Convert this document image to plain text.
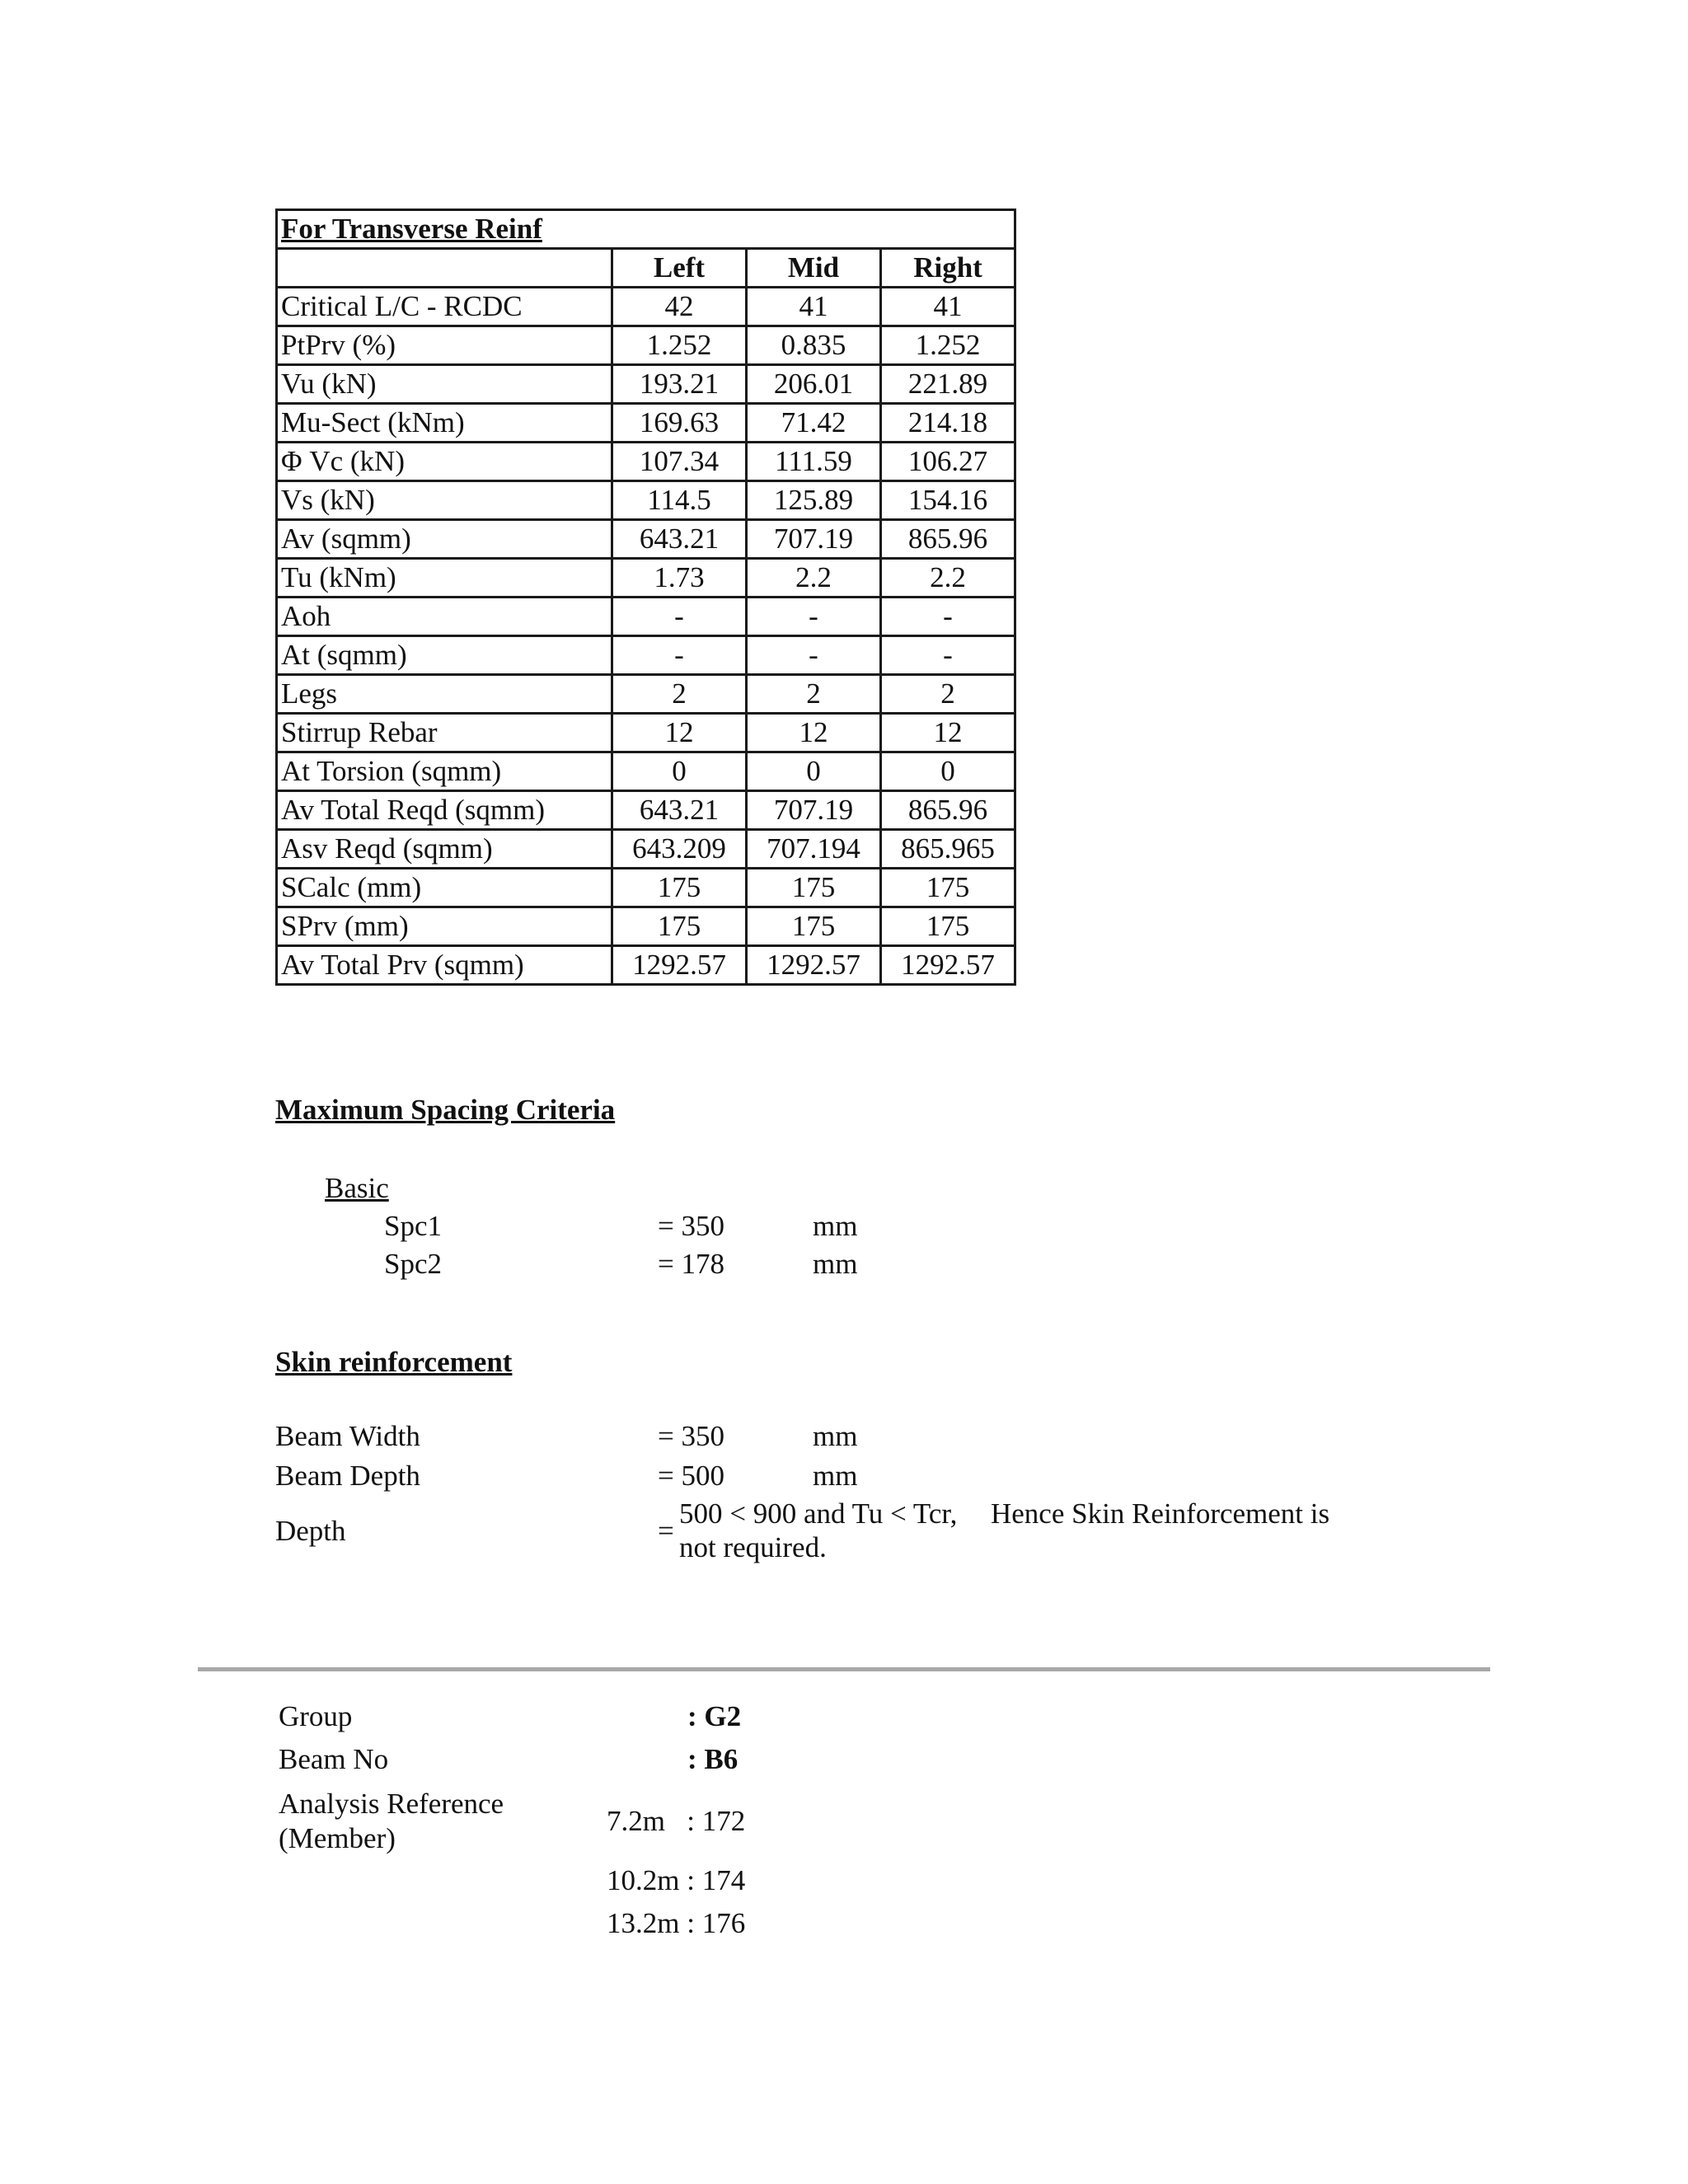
For Transverse Reinf			
	Left	Mid	Right
Critical L/C - RCDC	42	41	41
PtPrv (%)	1.252	0.835	1.252
Vu (kN)	193.21	206.01	221.89
Mu-Sect (kNm)	169.63	71.42	214.18
Φ Vc (kN)	107.34	111.59	106.27
Vs (kN)	114.5	125.89	154.16
Av (sqmm)	643.21	707.19	865.96
Tu (kNm)	1.73	2.2	2.2
Aoh	-	-	-
At (sqmm)	-	-	-
Legs	2	2	2
Stirrup Rebar	12	12	12
At Torsion (sqmm)	0	0	0
Av Total Reqd (sqmm)	643.21	707.19	865.96
Asv Reqd (sqmm)	643.209	707.194	865.965
SCalc (mm)	175	175	175
SPrv (mm)	175	175	175
Av Total Prv (sqmm)	1292.57	1292.57	1292.57
Maximum Spacing Criteria
Basic
Spc1	= 350	mm
Spc2	= 178	mm
Skin reinforcement
Beam Width	= 350	mm
Beam Depth	= 500	mm
Depth	=
500 < 900 and Tu < Tcr, Hence Skin Reinforcement is
not required.
Group	: G2
Beam No	: B6
Analysis Reference
(Member)
7.2m   : 172
10.2m : 174
13.2m : 176
